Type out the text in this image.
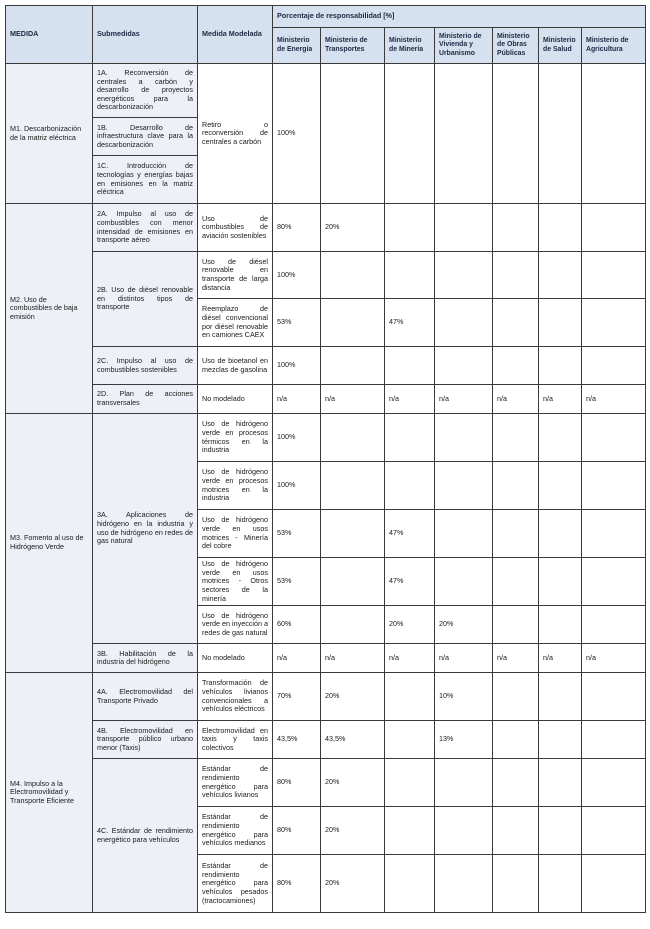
MEDIDA	Submedidas	Medida Modelada	Porcentaje de responsabilidad [%]						
			Ministerio de Energía	Ministerio de Transportes	Ministerio de Minería	Ministerio de Vivienda y Urbanismo	Ministerio de Obras Públicas	Ministerio de Salud	Ministerio de Agricultura
M1. Descarbonización de la matriz eléctrica	1A. Reconversión de centrales a carbón y desarrollo de proyectos energéticos para la descarbonización	Retiro o reconversión de centrales a carbón	100%						
	1B. Desarrollo de infraestructura clave para la descarbonización								
	1C. Introducción de tecnologías y energías bajas en emisiones en la matriz eléctrica								
M2. Uso de combustibles de baja emisión	2A. Impulso al uso de combustibles con menor intensidad de emisiones en transporte aéreo	Uso de combustibles de aviación sostenibles	80%	20%					
	2B. Uso de diésel renovable en distintos tipos de transporte	Uso de diésel renovable en transporte de larga distancia	100%						
		Reemplazo de diésel convencional por diésel renovable en camiones CAEX	53%		47%				
	2C. Impulso al uso de combustibles sostenibles	Uso de bioetanol en mezclas de gasolina	100%						
	2D. Plan de acciones transversales	No modelado	n/a	n/a	n/a	n/a	n/a	n/a	n/a
M3. Fomento al uso de Hidrógeno Verde	3A. Aplicaciones de hidrógeno en la industria y uso de hidrógeno en redes de gas natural	Uso de hidrógeno verde en procesos térmicos en la industria	100%						
		Uso de hidrógeno verde en procesos motrices en la industria	100%						
		Uso de hidrógeno verde en usos motrices - Minería del cobre	53%		47%				
		Uso de hidrógeno verde en usos motrices - Otros sectores de la minería	53%		47%				
		Uso de hidrógeno verde en inyección a redes de gas natural	60%		20%	20%			
	3B. Habilitación de la industria del hidrógeno	No modelado	n/a	n/a	n/a	n/a	n/a	n/a	n/a
M4. Impulso a la Electromovilidad y Transporte Eficiente	4A. Electromovilidad del Transporte Privado	Transformación de vehículos livianos convencionales a vehículos eléctricos	70%	20%		10%			
	4B. Electromovilidad en transporte público urbano menor (Taxis)	Electromovilidad en taxis y taxis colectivos	43,5%	43,5%		13%			
	4C. Estándar de rendimiento energético para vehículos	Estándar de rendimiento energético para vehículos livianos	80%	20%					
		Estándar de rendimiento energético para vehículos medianos	80%	20%					
		Estándar de rendimiento energético para vehículos pesados (tractocamiones)	80%	20%					
